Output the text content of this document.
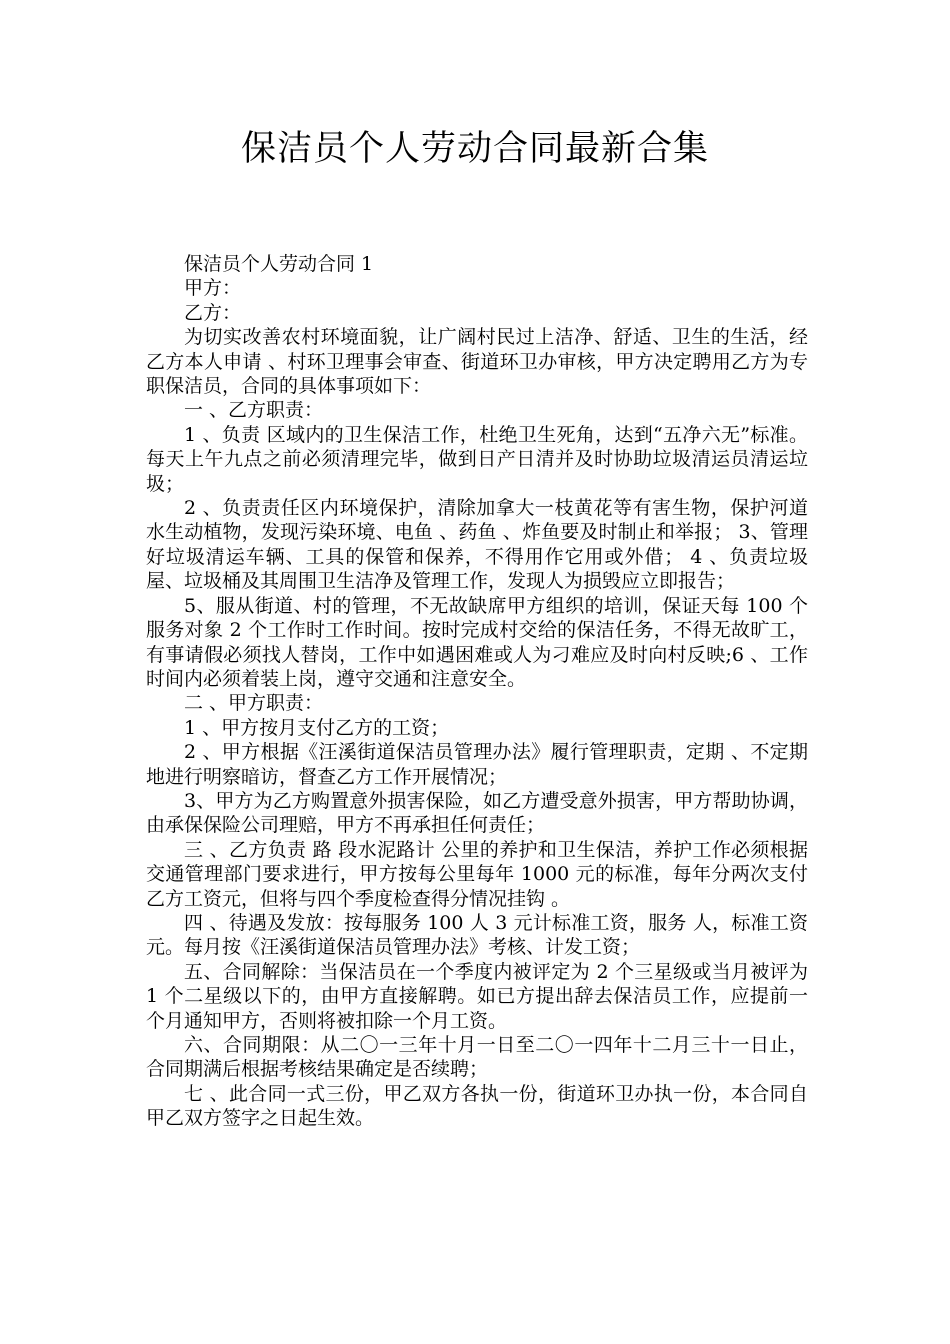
保洁员个人劳动合同最新合集

保洁员个人劳动合同 1

甲方：

乙方：

为切实改善农村环境面貌，让广阔村民过上洁净、舒适、卫生的生活，经乙方本人申请 、村环卫理事会审查、街道环卫办审核，甲方决定聘用乙方为专职保洁员，合同的具体事项如下：

一 、乙方职责：

1 、负责 区域内的卫生保洁工作，杜绝卫生死角，达到“五净六无”标准。每天上午九点之前必须清理完毕，做到日产日清并及时协助垃圾清运员清运垃圾；

2 、负责责任区内环境保护，清除加拿大一枝黄花等有害生物，保护河道水生动植物，发现污染环境、电鱼 、药鱼 、炸鱼要及时制止和举报； 3、管理好垃圾清运车辆、工具的保管和保养，不得用作它用或外借； 4 、负责垃圾屋、垃圾桶及其周围卫生洁净及管理工作，发现人为损毁应立即报告；

5、服从街道、村的管理，不无故缺席甲方组织的培训，保证天每 100 个服务对象 2 个工作时工作时间。按时完成村交给的保洁任务，不得无故旷工，有事请假必须找人替岗，工作中如遇困难或人为刁难应及时向村反映;6 、工作时间内必须着装上岗，遵守交通和注意安全。

二 、甲方职责：

1 、甲方按月支付乙方的工资；

2 、甲方根据《汪溪街道保洁员管理办法》履行管理职责，定期 、不定期地进行明察暗访，督查乙方工作开展情况；

3、甲方为乙方购置意外损害保险，如乙方遭受意外损害，甲方帮助协调，由承保保险公司理赔，甲方不再承担任何责任；

三 、乙方负责 路 段水泥路计 公里的养护和卫生保洁，养护工作必须根据交通管理部门要求进行，甲方按每公里每年 1000 元的标准，每年分两次支付乙方工资元，但将与四个季度检查得分情况挂钩 。

四 、待遇及发放：按每服务 100 人 3 元计标准工资，服务 人，标准工资 元。每月按《汪溪街道保洁员管理办法》考核、计发工资；

五、合同解除：当保洁员在一个季度内被评定为 2 个三星级或当月被评为 1 个二星级以下的，由甲方直接解聘。如已方提出辞去保洁员工作，应提前一个月通知甲方，否则将被扣除一个月工资。

六、合同期限：从二〇一三年十月一日至二〇一四年十二月三十一日止，合同期满后根据考核结果确定是否续聘；

七 、此合同一式三份，甲乙双方各执一份，街道环卫办执一份，本合同自甲乙双方签字之日起生效。
